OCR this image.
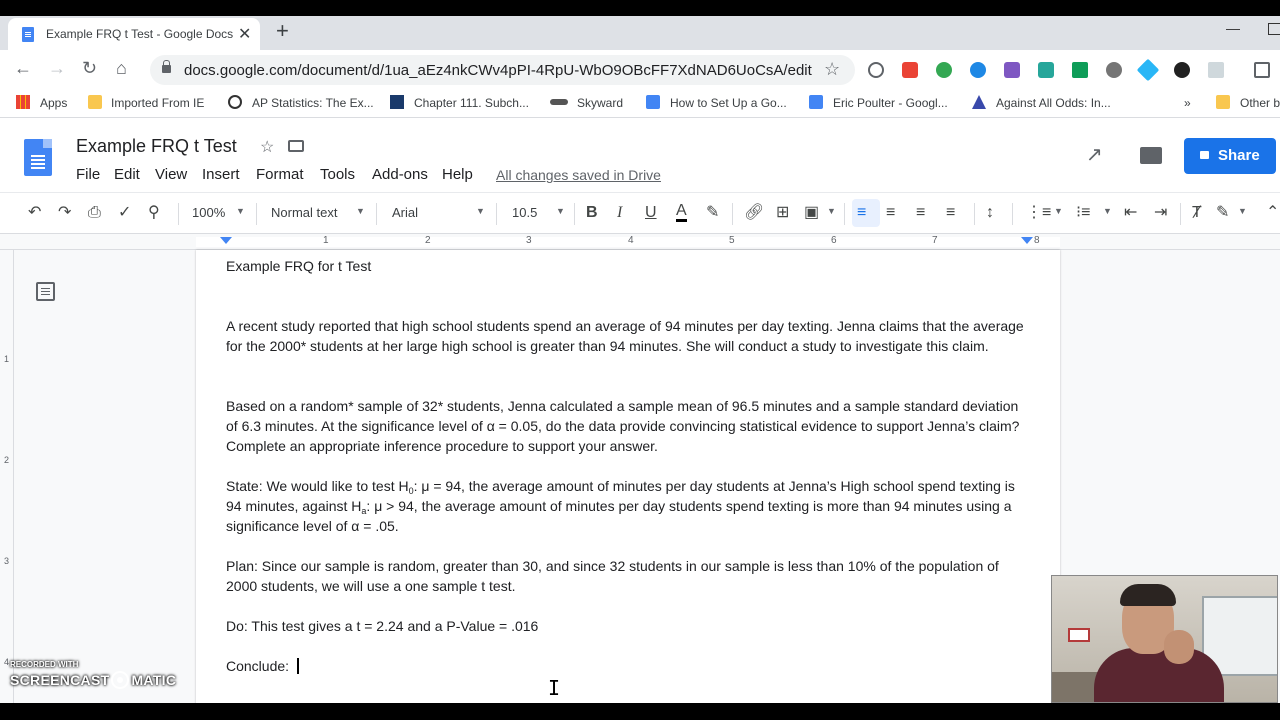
Example FRQ t Test - Google Docs ✕ +	—
← → ↻ ⌂	docs.google.com/document/d/1ua_aEz4nkCWv4pPI-4RpU-WbO9OBcFF7XdNAD6UoCsA/edit ☆
Apps	Imported From IE	AP Statistics: The Ex...	Chapter 111. Subch...	Skyward	How to Set Up a Go...	Eric Poulter - Googl...	Against All Odds: In...	»	Other b
Example FRQ t Test ☆
File Edit View Insert Format Tools Add-ons Help All changes saved in Drive
↗	Share
↶ ↷ ⎙ ✓ ⚲ 100% ▼ Normal text ▼ Arial	▼ 10.5 ▼ B I U A ✎ 🔗︎ ⊞ ▣ ▼ ≡ ≡ ≡ ≡ ↕ ⋮≡ ▼ ⁝≡ ▼ ⇤ ⇥ Ⱦ ✎ ▼ ⌃
1	2	3	4	5	6	7	8
1
2
3
4
Example FRQ for t Test
A recent study reported that high school students spend an average of 94 minutes per day texting. Jenna claims that the average for the 2000* students at her large high school is greater than 94 minutes. She will conduct a study to investigate this claim.
Based on a random* sample of 32* students, Jenna calculated a sample mean of 96.5 minutes and a sample standard deviation of 6.3 minutes. At the significance level of α = 0.05, do the data provide convincing statistical evidence to support Jenna’s claim? Complete an appropriate inference procedure to support your answer.
State: We would like to test $H_0$: μ = 94, the average amount of minutes per day students at Jenna’s High school spend texting is 94 minutes, against $H_a$: μ > 94, the average amount of minutes per day students spend texting is more than 94 minutes using a significance level of α = .05.
Plan: Since our sample is random, greater than 30, and since 32 students in our sample is less than 10% of the population of 2000 students, we will use a one sample t test.
Do: This test gives a t = 2.24 and a P-Value = .016
Conclude:
I
RECORDED WITH
SCREENCAST MATIC
